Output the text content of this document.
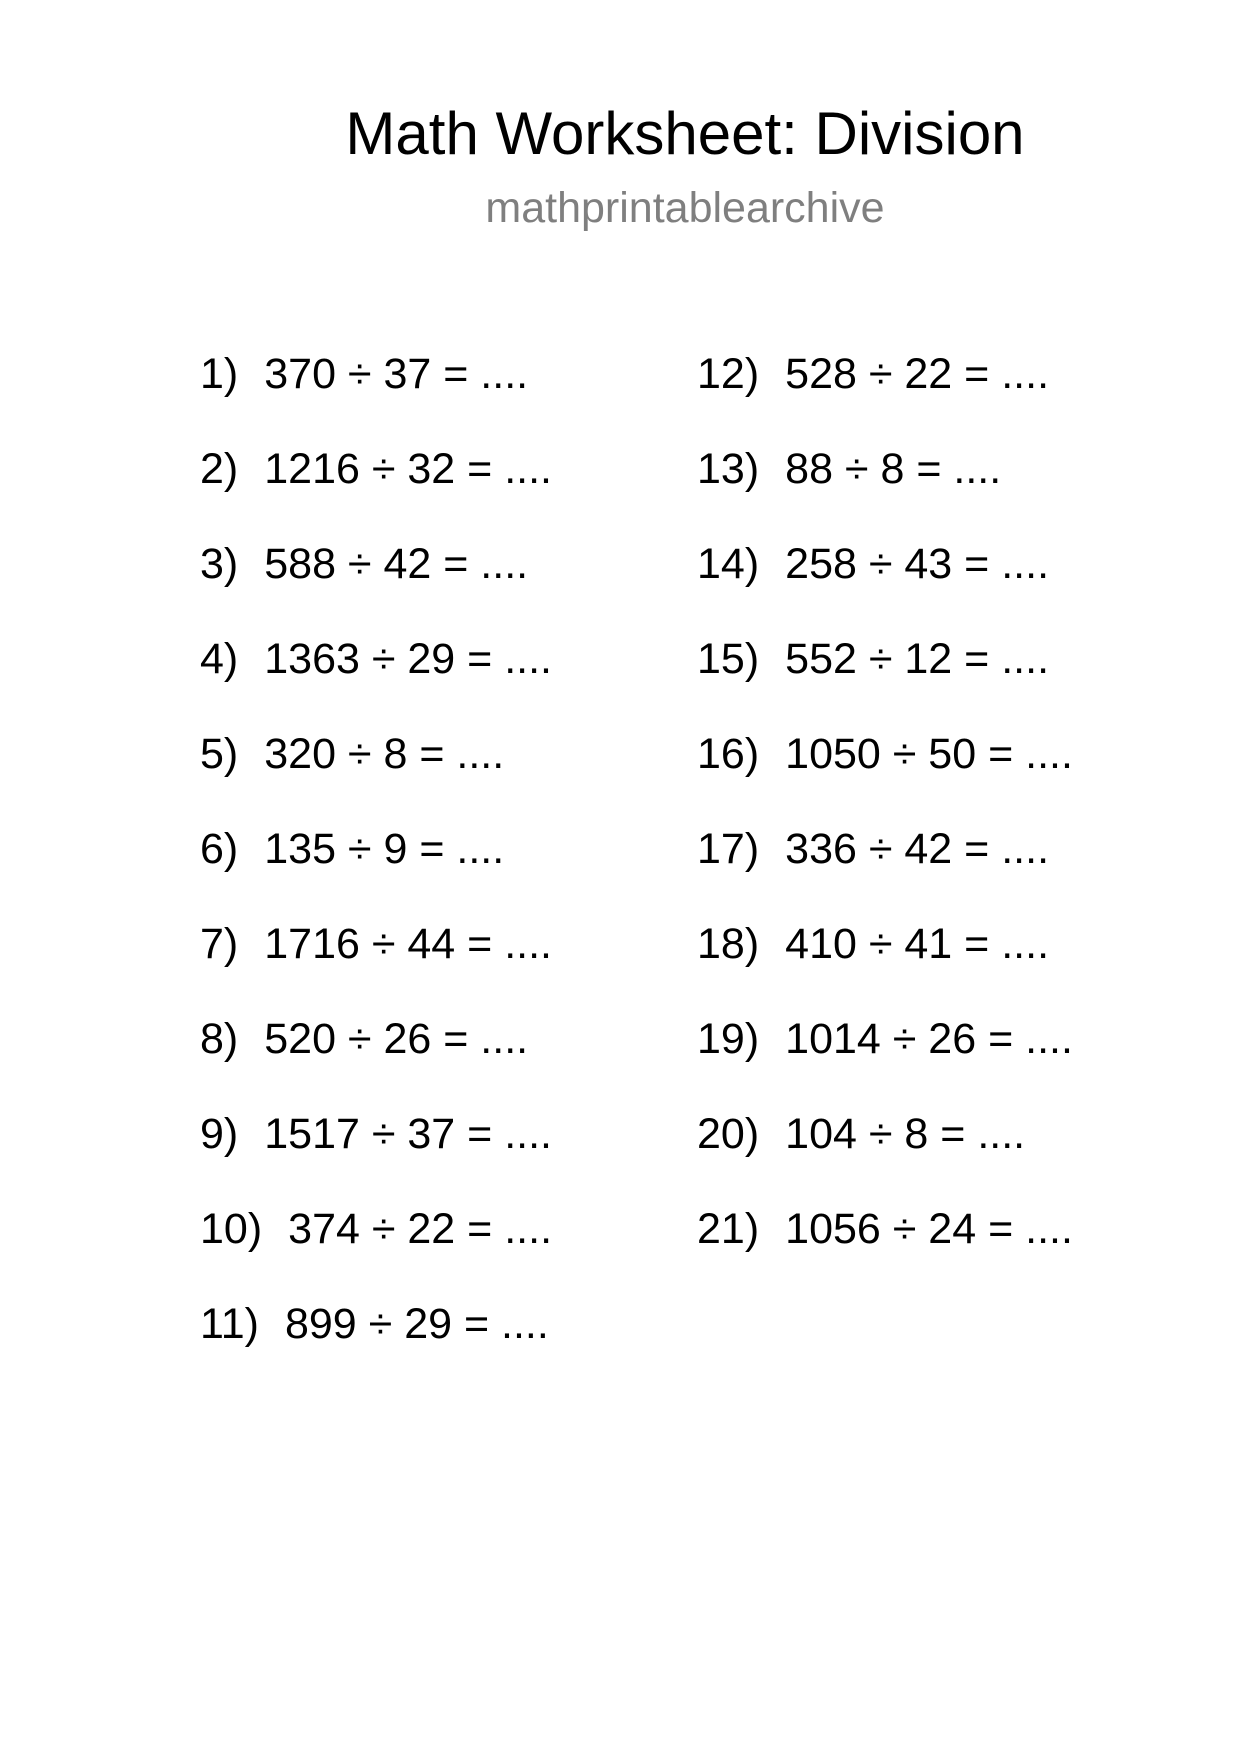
Math Worksheet: Division
mathprintablearchive
1) 370 ÷ 37 = ....
2) 1216 ÷ 32 = ....
3) 588 ÷ 42 = ....
4) 1363 ÷ 29 = ....
5) 320 ÷ 8 = ....
6) 135 ÷ 9 = ....
7) 1716 ÷ 44 = ....
8) 520 ÷ 26 = ....
9) 1517 ÷ 37 = ....
10) 374 ÷ 22 = ....
11) 899 ÷ 29 = ....
12) 528 ÷ 22 = ....
13) 88 ÷ 8 = ....
14) 258 ÷ 43 = ....
15) 552 ÷ 12 = ....
16) 1050 ÷ 50 = ....
17) 336 ÷ 42 = ....
18) 410 ÷ 41 = ....
19) 1014 ÷ 26 = ....
20) 104 ÷ 8 = ....
21) 1056 ÷ 24 = ....
